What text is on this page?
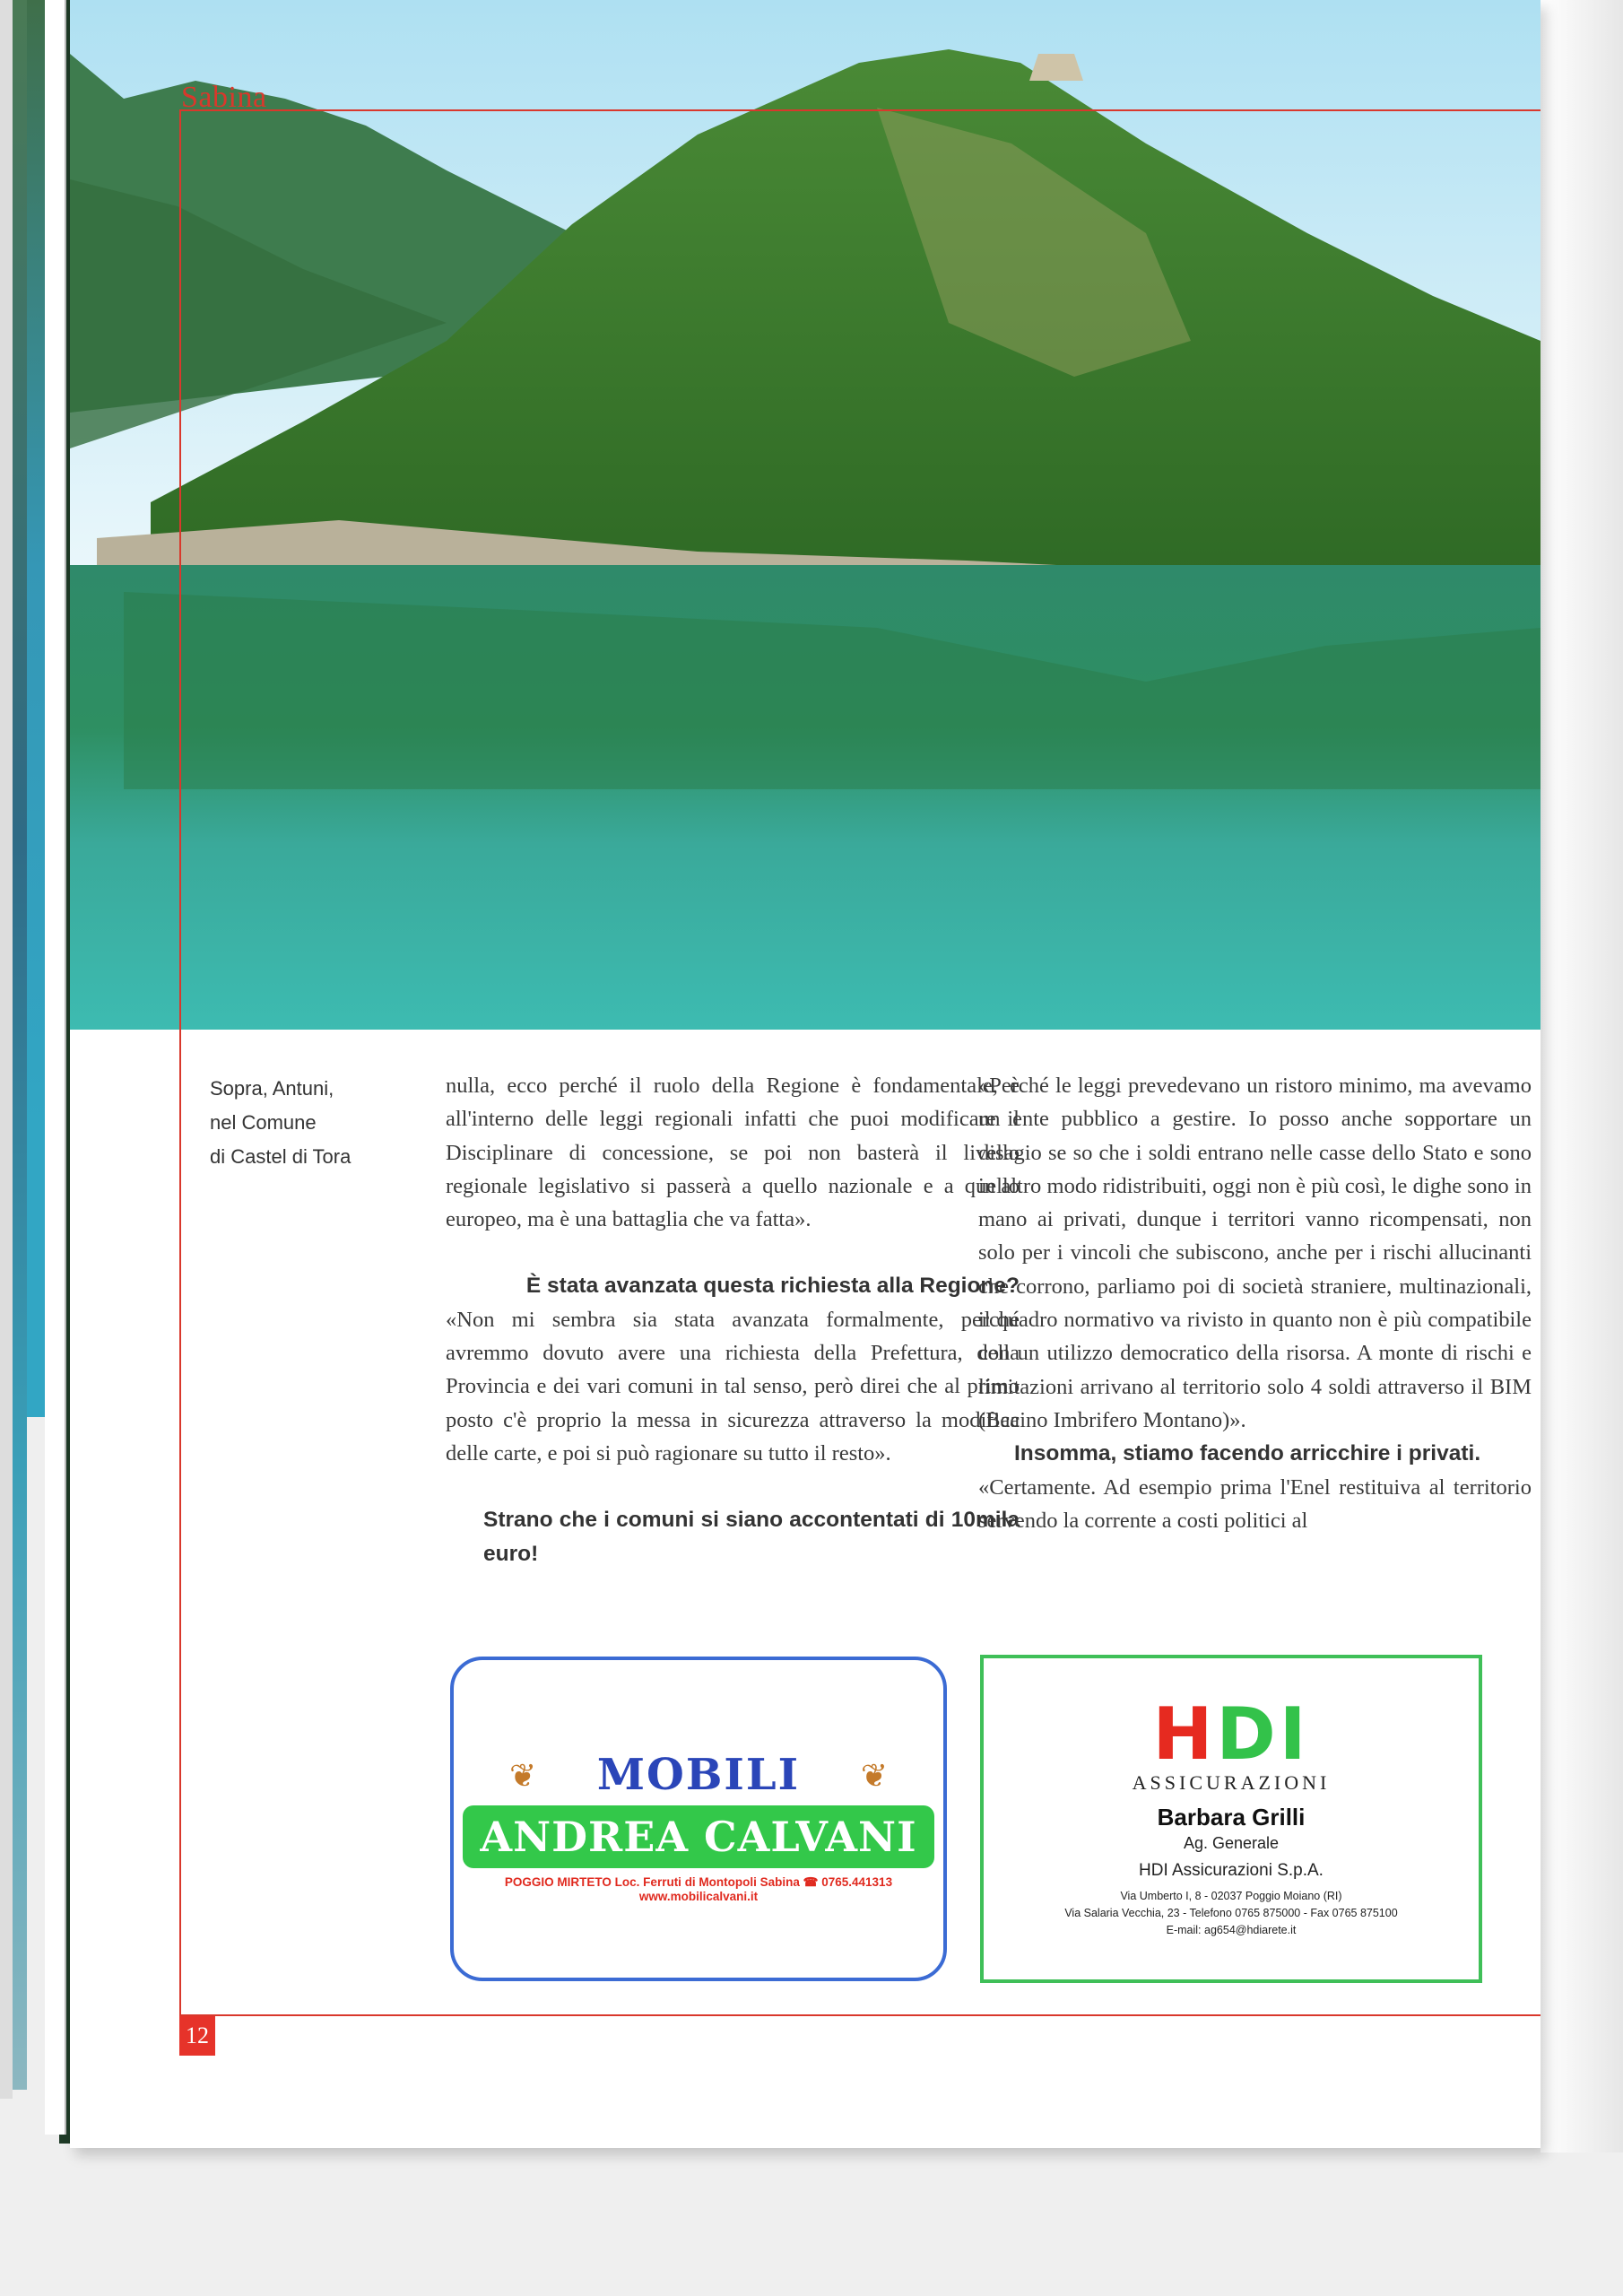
Sabina
Sopra, Antuni,
nel Comune
di Castel di Tora

nulla, ecco perché il ruolo della Regione è fondamentale, è all'interno delle leggi regionali infatti che puoi modificare il Disciplinare di concessione, se poi non basterà il livello regionale legislativo si passerà a quello nazionale e a quello europeo, ma è una battaglia che va fatta».

È stata avanzata questa richiesta alla Regione?

«Non mi sembra sia stata avanzata formalmente, perché avremmo dovuto avere una richiesta della Prefettura, della Provincia e dei vari comuni in tal senso, però direi che al primo posto c'è proprio la messa in sicurezza attraverso la modifica delle carte, e poi si può ragionare su tutto il resto».

Strano che i comuni si siano accontentati di 10mila euro!

«Perché le leggi prevedevano un ristoro minimo, ma avevamo un ente pubblico a gestire. Io posso anche sopportare un disagio se so che i soldi entrano nelle casse dello Stato e sono in altro modo ridistribuiti, oggi non è più così, le dighe sono in mano ai privati, dunque i territori vanno ricompensati, non solo per i vincoli che subiscono, anche per i rischi allucinanti che corrono, parliamo poi di società straniere, multinazionali, il quadro normativo va rivisto in quanto non è più compatibile con un utilizzo democratico della risorsa. A monte di rischi e limitazioni arrivano al territorio solo 4 soldi attraverso il BIM (Bacino Imbrifero Montano)».

Insomma, stiamo facendo arricchire i privati.

«Certamente. Ad esempio prima l'Enel restituiva al territorio servendo la corrente a costi politici al

❦	❦
MOBILI
ANDREA CALVANI
POGGIO MIRTETO Loc. Ferruti di Montopoli Sabina ☎ 0765.441313 www.mobilicalvani.it
HDI
ASSICURAZIONI
Barbara Grilli
Ag. Generale
HDI Assicurazioni S.p.A.
Via Umberto I, 8 - 02037 Poggio Moiano (RI)
Via Salaria Vecchia, 23 - Telefono 0765 875000 - Fax 0765 875100
E-mail: ag654@hdiarete.it
12
